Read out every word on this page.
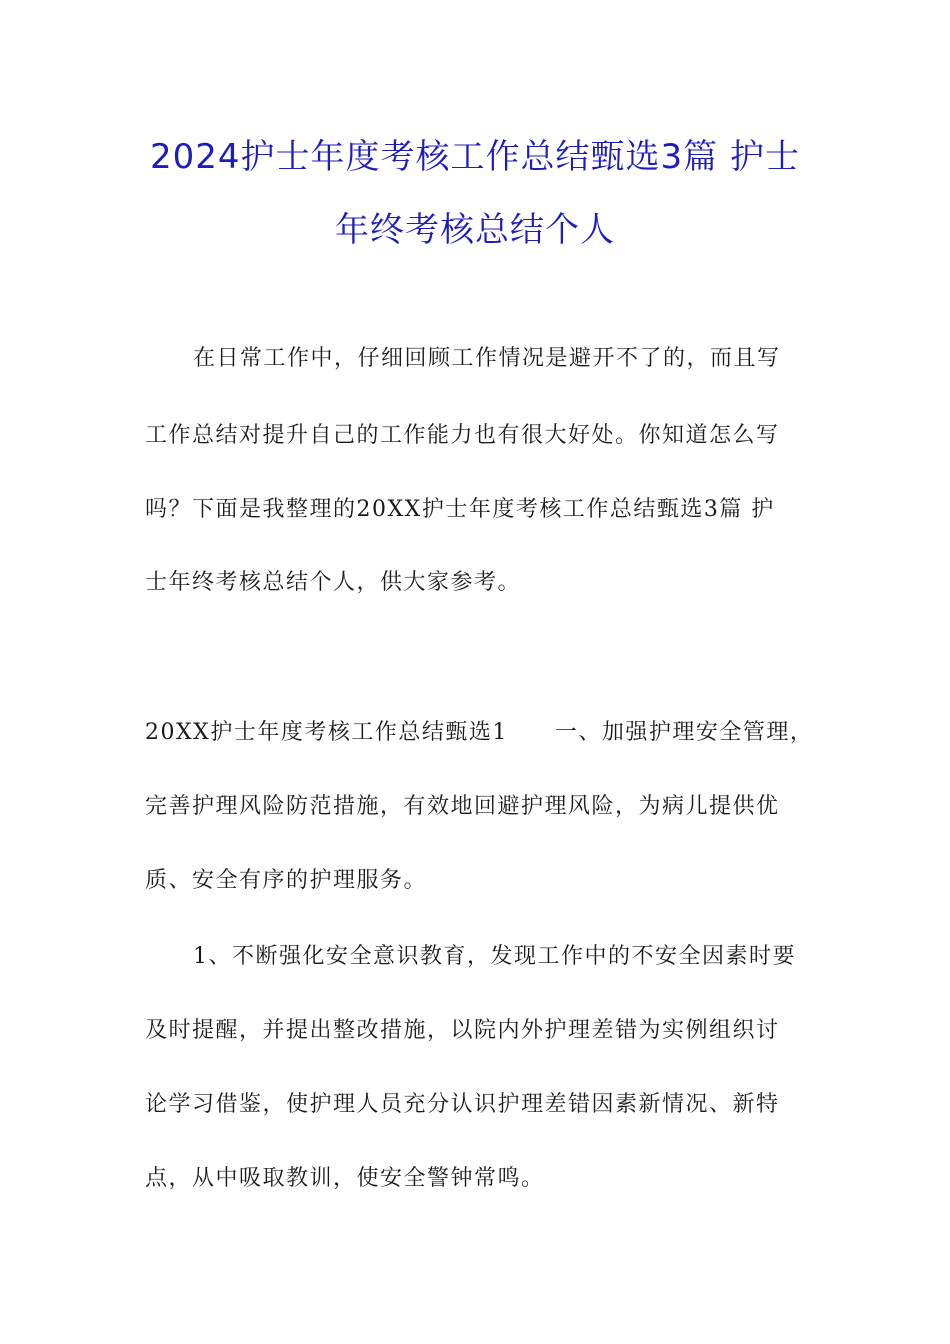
2024护士年度考核工作总结甄选3篇 护士
年终考核总结个人
在日常工作中，仔细回顾工作情况是避开不了的，而且写
工作总结对提升自己的工作能力也有很大好处。你知道怎么写
吗？下面是我整理的20XX护士年度考核工作总结甄选3篇 护
士年终考核总结个人，供大家参考。
20XX护士年度考核工作总结甄选1　　一、加强护理安全管理，
完善护理风险防范措施，有效地回避护理风险，为病儿提供优
质、安全有序的护理服务。
1、不断强化安全意识教育，发现工作中的不安全因素时要
及时提醒，并提出整改措施，以院内外护理差错为实例组织讨
论学习借鉴，使护理人员充分认识护理差错因素新情况、新特
点，从中吸取教训，使安全警钟常鸣。
